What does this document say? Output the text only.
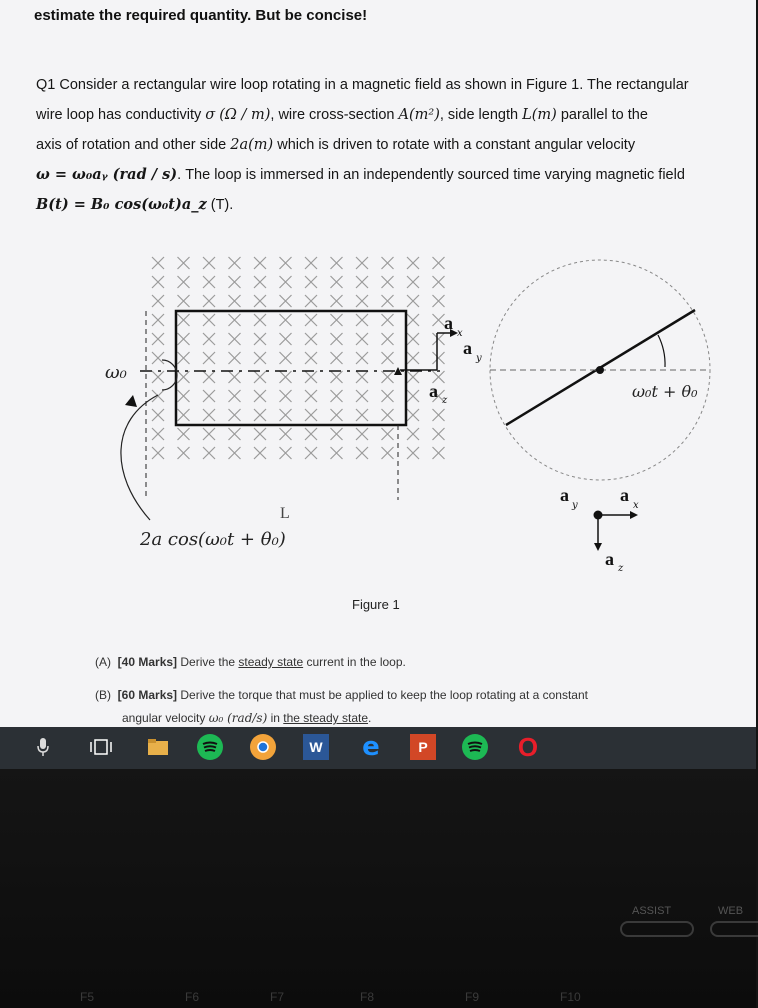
estimate the required quantity. But be concise!
Q1 Consider a rectangular wire loop rotating in a magnetic field as shown in Figure 1. The rectangular
wire loop has conductivity σ (Ω / m), wire cross-section A(m²), side length L(m) parallel to the
axis of rotation and other side 2a(m) which is driven to rotate with a constant angular velocity
ω = ω₀aᵧ (rad / s). The loop is immersed in an independently sourced time varying magnetic field
B(t) = B₀ cos(ω₀t)a_z (T).
ω₀
L
2a cos(ω₀t + θ₀)
a
x
a
y
a z	ω₀t + θ₀
a
y
a
x
a z
Figure 1
(A) [40 Marks] Derive the steady state current in the loop.
(B) [60 Marks] Derive the torque that must be applied to keep the loop rotating at a constant
angular velocity ω₀ (rad/s) in the steady state.
W e	P	O
ASSIST	WEB
F5	F6	F7	F8	F9	F10
